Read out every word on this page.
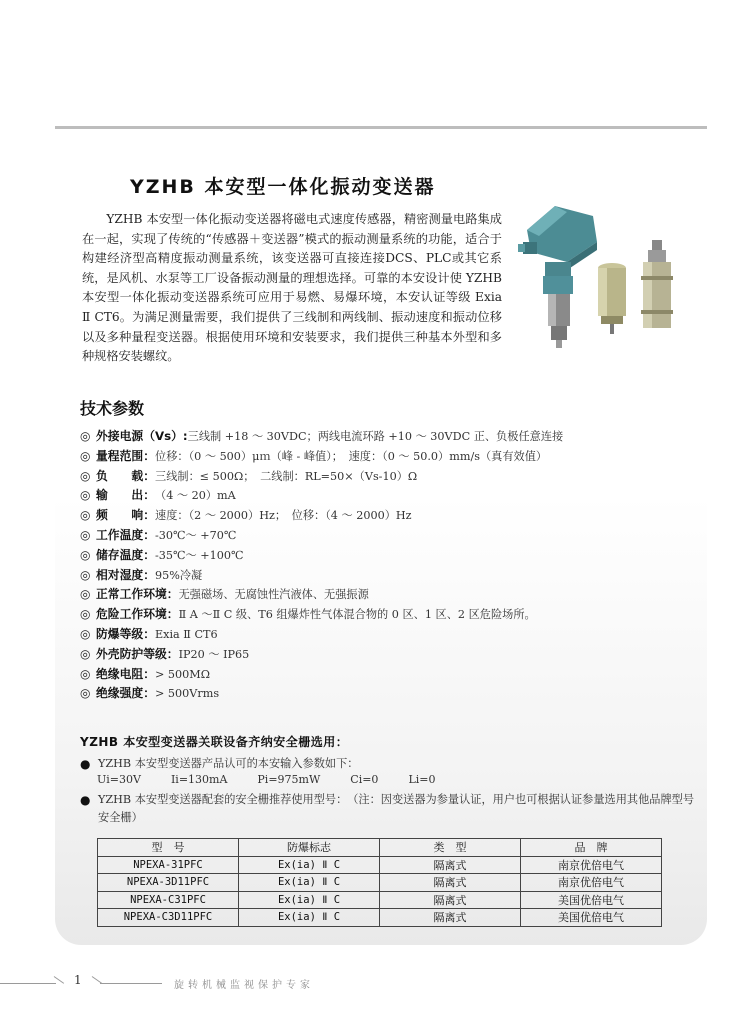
YZHB 本安型一体化振动变送器

YZHB 本安型一体化振动变送器将磁电式速度传感器，精密测量电路集成在一起，实现了传统的“传感器＋变送器”模式的振动测量系统的功能，适合于构建经济型高精度振动测量系统，该变送器可直接连接DCS、PLC或其它系统，是风机、水泵等工厂设备振动测量的理想选择。可靠的本安设计使 YZHB 本安型一体化振动变送器系统可应用于易燃、易爆环境，本安认证等级 Exia Ⅱ CT6。为满足测量需要，我们提供了三线制和两线制、振动速度和振动位移以及多种量程变送器。根据使用环境和安装要求，我们提供三种基本外型和多种规格安装螺纹。

技术参数
◎ 外接电源（Vs）: 三线制 +18 ～ 30VDC；两线电流环路 +10 ～ 30VDC 正、负极任意连接
◎ 量程范围： 位移：（0 ～ 500）μｍ（峰 - 峰值）；　速度：（0 ～ 50.0）mm/s（真有效值）
◎ 负　　载： 三线制：≤ 500Ω；　二线制：RL=50×（Vs-10）Ω
◎ 输　　出： （4 ～ 20）mA
◎ 频　　响： 速度：（2 ～ 2000）Hz；　位移：（4 ～ 2000）Hz
◎ 工作温度： -30℃～ +70℃
◎ 储存温度： -35℃～ +100℃
◎ 相对湿度： 95%冷凝
◎ 正常工作环境： 无强磁场、无腐蚀性汽液体、无强振源
◎ 危险工作环境： Ⅱ A ～Ⅱ C 级、T6 组爆炸性气体混合物的 0 区、1 区、2 区危险场所。
◎ 防爆等级： Exia Ⅱ CT6
◎ 外壳防护等级： IP20 ～ IP65
◎ 绝缘电阻： > 500MΩ
◎ 绝缘强度： > 500Vrms
YZHB 本安型变送器关联设备齐纳安全栅选用：
● YZHB 本安型变送器产品认可的本安输入参数如下：
● YZHB 本安型变送器配套的安全栅推荐使用型号：　（注：因变送器为参量认证，用户也可根据认证参量选用其他品牌型号安全栅）
Ui=30V	Ii=130mA	Pi=975mW	Ci=0	Li=0
型　号	防爆标志	类　型	品　牌
NPEXA-31PFC	Ex(ia) Ⅱ C	隔离式	南京优倍电气
NPEXA-3D11PFC	Ex(ia) Ⅱ C	隔离式	南京优倍电气
NPEXA-C31PFC	Ex(ia) Ⅱ C	隔离式	美国优倍电气
NPEXA-C3D11PFC	Ex(ia) Ⅱ C	隔离式	美国优倍电气
1	旋转机械监视保护专家
